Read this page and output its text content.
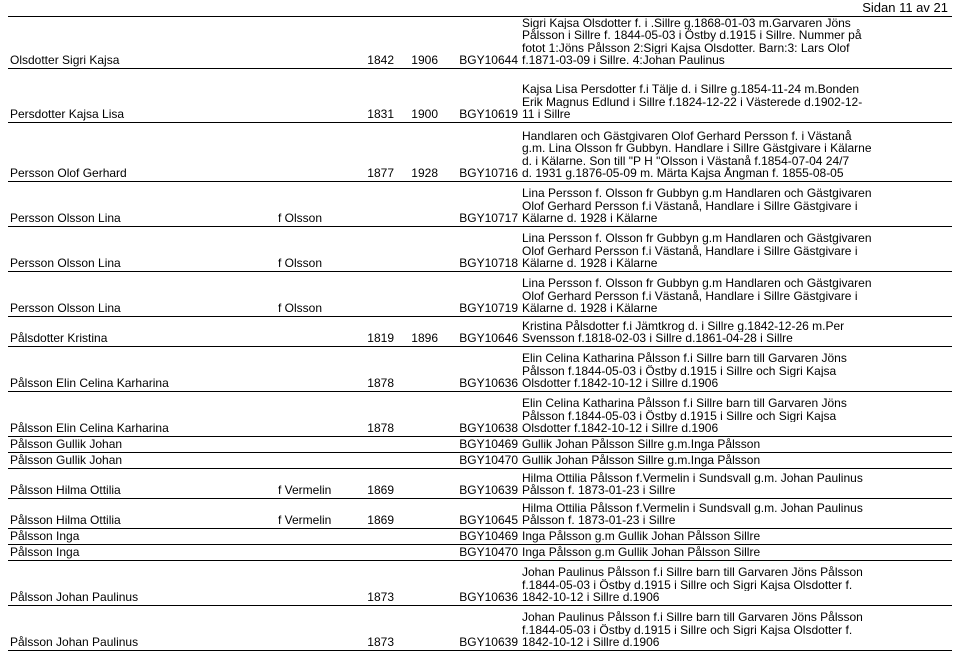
Sidan 11 av 21
Olsdotter Sigri Kajsa		1842	1906	BGY10644	Sigri Kajsa Olsdotter f. i .Sillre g.1868-01-03 m.Garvaren Jöns
Pålsson i Sillre f. 1844-05-03 i Östby d.1915 i Sillre. Nummer på
fotot 1:Jöns Pålsson 2:Sigri Kajsa Olsdotter. Barn:3: Lars Olof
f.1871-03-09 i Sillre. 4:Johan Paulinus

Persdotter Kajsa Lisa		1831	1900	BGY10619	Kajsa Lisa Persdotter f.i Tälje d. i Sillre g.1854-11-24 m.Bonden
Erik Magnus Edlund i Sillre f.1824-12-22 i Västerede d.1902-12-
11 i Sillre

Persson Olof Gerhard		1877	1928	BGY10716	Handlaren och Gästgivaren Olof Gerhard Persson f. i Västanå
g.m. Lina Olsson fr Gubbyn. Handlare i Sillre Gästgivare i Kälarne
d. i Kälarne. Son till "P H "Olsson i Västanå f.1854-07-04 24/7
d. 1931 g.1876-05-09 m. Märta Kajsa Ångman f. 1855-08-05

Persson Olsson Lina	f Olsson			BGY10717	Lina Persson f. Olsson fr Gubbyn g.m Handlaren och Gästgivaren
Olof Gerhard Persson f.i Västanå, Handlare i Sillre Gästgivare i
Kälarne d. 1928 i Kälarne

Persson Olsson Lina	f Olsson			BGY10718	Lina Persson f. Olsson fr Gubbyn g.m Handlaren och Gästgivaren
Olof Gerhard Persson f.i Västanå, Handlare i Sillre Gästgivare i
Kälarne d. 1928 i Kälarne

Persson Olsson Lina	f Olsson			BGY10719	Lina Persson f. Olsson fr Gubbyn g.m Handlaren och Gästgivaren
Olof Gerhard Persson f.i Västanå, Handlare i Sillre Gästgivare i
Kälarne d. 1928 i Kälarne

Pålsdotter Kristina		1819	1896	BGY10646	Kristina Pålsdotter f.i Jämtkrog d. i Sillre g.1842-12-26 m.Per
Svensson f.1818-02-03 i Sillre d.1861-04-28 i Sillre

Pålsson Elin Celina Karharina		1878		BGY10636	Elin Celina Katharina Pålsson f.i Sillre barn till Garvaren Jöns
Pålsson f.1844-05-03 i Östby d.1915 i Sillre och Sigri Kajsa
Olsdotter f.1842-10-12 i Sillre d.1906

Pålsson Elin Celina Karharina		1878		BGY10638	Elin Celina Katharina Pålsson f.i Sillre barn till Garvaren Jöns
Pålsson f.1844-05-03 i Östby d.1915 i Sillre och Sigri Kajsa
Olsdotter f.1842-10-12 i Sillre d.1906

Pålsson Gullik Johan				BGY10469	Gullik Johan Pålsson Sillre g.m.Inga Pålsson

Pålsson Gullik Johan				BGY10470	Gullik Johan Pålsson Sillre g.m.Inga Pålsson

Pålsson Hilma Ottilia	f Vermelin	1869		BGY10639	Hilma Ottilia Pålsson f.Vermelin i Sundsvall g.m. Johan Paulinus
Pålsson f. 1873-01-23 i Sillre

Pålsson Hilma Ottilia	f Vermelin	1869		BGY10645	Hilma Ottilia Pålsson f.Vermelin i Sundsvall g.m. Johan Paulinus
Pålsson f. 1873-01-23 i Sillre

Pålsson Inga				BGY10469	Inga Pålsson g.m Gullik Johan Pålsson Sillre

Pålsson Inga				BGY10470	Inga Pålsson g.m Gullik Johan Pålsson Sillre

Pålsson Johan Paulinus		1873		BGY10636	Johan Paulinus Pålsson f.i Sillre barn till Garvaren Jöns Pålsson
f.1844-05-03 i Östby d.1915 i Sillre och Sigri Kajsa Olsdotter f.
1842-10-12 i Sillre d.1906

Pålsson Johan Paulinus		1873		BGY10639	Johan Paulinus Pålsson f.i Sillre barn till Garvaren Jöns Pålsson
f.1844-05-03 i Östby d.1915 i Sillre och Sigri Kajsa Olsdotter f.
1842-10-12 i Sillre d.1906
